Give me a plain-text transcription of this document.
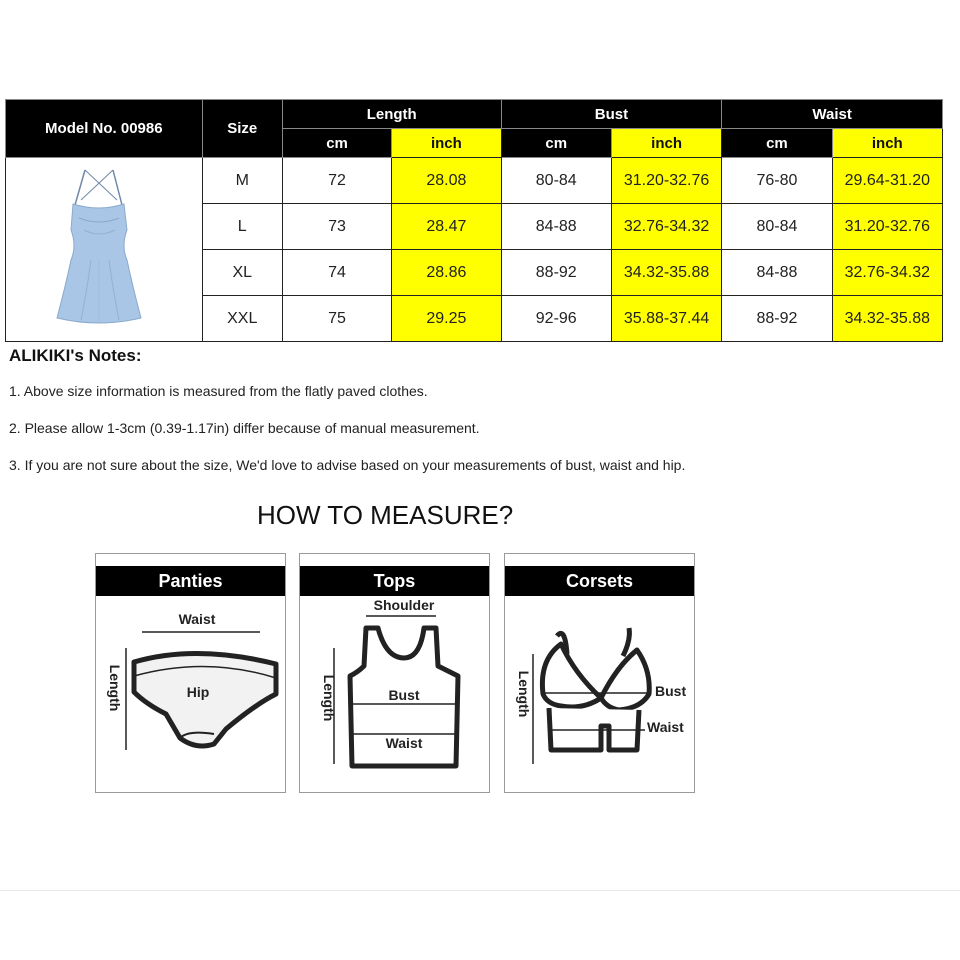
Model No. 00986	Size	Length		Bust		Waist	
		cm	inch	cm	inch	cm	inch
	M	72	28.08	80-84	31.20-32.76	76-80	29.64-31.20
	L	73	28.47	84-88	32.76-34.32	80-84	31.20-32.76
	XL	74	28.86	88-92	34.32-35.88	84-88	32.76-34.32
	XXL	75	29.25	92-96	35.88-37.44	88-92	34.32-35.88
ALIKIKI's Notes:
1. Above size information is measured from the flatly paved clothes.
2. Please allow 1-3cm (0.39-1.17in) differ because of manual measurement.
3. If you are not sure about the size, We'd love to advise based on your measurements of bust, waist and hip.
HOW TO MEASURE?
Waist
Hip
Length
Panties
Shoulder
Bust
Waist
Length
Tops
Bust
Waist
Length
Corsets
